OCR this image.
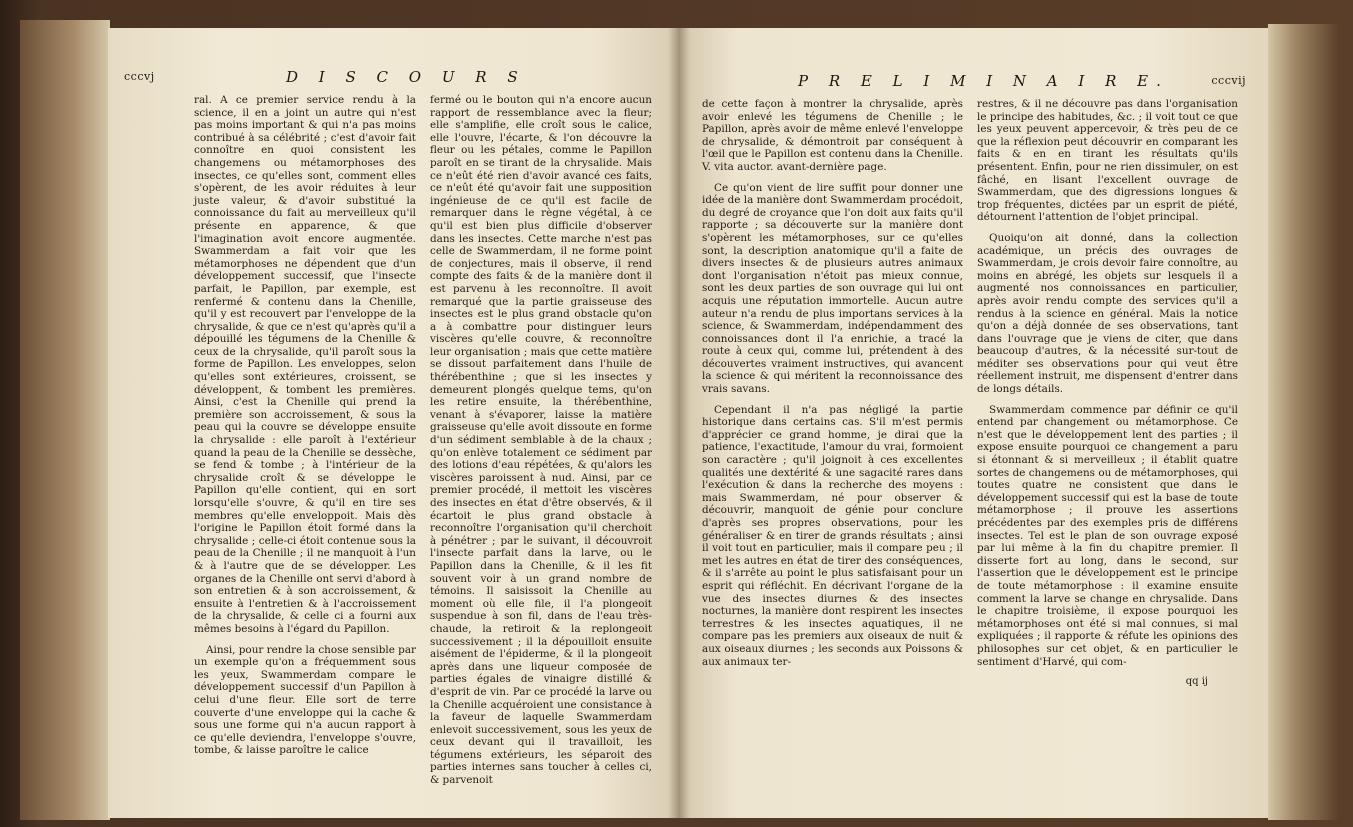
cccvj	D I S C O U R S

ral. A ce premier service rendu à la science, il en a joint un autre qui n'est pas moins important & qui n'a pas moins contribué à sa célébrité ; c'est d'avoir fait connoître en quoi consistent les changemens ou métamorphoses des insectes, ce qu'elles sont, comment elles s'opèrent, de les avoir réduites à leur juste valeur, & d'avoir substitué la connoissance du fait au merveilleux qu'il présente en apparence, & que l'imagination avoit encore augmentée. Swammerdam a fait voir que les métamorphoses ne dépendent que d'un développement successif, que l'insecte parfait, le Papillon, par exemple, est renfermé & contenu dans la Chenille, qu'il y est recouvert par l'enveloppe de la chrysalide, & que ce n'est qu'après qu'il a dépouillé les tégumens de la Chenille & ceux de la chrysalide, qu'il paroît sous la forme de Papillon. Les enveloppes, selon qu'elles sont extérieures, croissent, se développent, & tombent les premières. Ainsi, c'est la Chenille qui prend la première son accroissement, & sous la peau qui la couvre se développe ensuite la chrysalide : elle paroît à l'extérieur quand la peau de la Chenille se dessèche, se fend & tombe ; à l'intérieur de la chrysalide croît & se développe le Papillon qu'elle contient, qui en sort lorsqu'elle s'ouvre, & qu'il en tire ses membres qu'elle enveloppoit. Mais dès l'origine le Papillon étoit formé dans la chrysalide ; celle-ci étoit contenue sous la peau de la Chenille ; il ne manquoit à l'un & à l'autre que de se développer. Les organes de la Chenille ont servi d'abord à son entretien & à son accroissement, & ensuite à l'entretien & à l'accroissement de la chrysalide, & celle ci a fourni aux mêmes besoins à l'égard du Papillon.

Ainsi, pour rendre la chose sensible par un exemple qu'on a fréquemment sous les yeux, Swammerdam compare le développement successif d'un Papillon à celui d'une fleur. Elle sort de terre couverte d'une enveloppe qui la cache & sous une forme qui n'a aucun rapport à ce qu'elle deviendra, l'enveloppe s'ouvre, tombe, & laisse paroître le calice

fermé ou le bouton qui n'a encore aucun rapport de ressemblance avec la fleur; elle s'amplifie, elle croît sous le calice, elle l'ouvre, l'écarte, & l'on découvre la fleur ou les pétales, comme le Papillon paroît en se tirant de la chrysalide. Mais ce n'eût été rien d'avoir avancé ces faits, ce n'eût été qu'avoir fait une supposition ingénieuse de ce qu'il est facile de remarquer dans le règne végétal, à ce qu'il est bien plus difficile d'observer dans les insectes. Cette marche n'est pas celle de Swammerdam, il ne forme point de conjectures, mais il observe, il rend compte des faits & de la manière dont il est parvenu à les reconnoître. Il avoit remarqué que la partie graisseuse des insectes est le plus grand obstacle qu'on a à combattre pour distinguer leurs viscères qu'elle couvre, & reconnoître leur organisation ; mais que cette matière se dissout parfaitement dans l'huile de thérébenthine ; que si les insectes y demeurent plongés quelque tems, qu'on les retire ensuite, la thérébenthine, venant à s'évaporer, laisse la matière graisseuse qu'elle avoit dissoute en forme d'un sédiment semblable à de la chaux ; qu'on enlève totalement ce sédiment par des lotions d'eau répétées, & qu'alors les viscères paroissent à nud. Ainsi, par ce premier procédé, il mettoit les viscères des insectes en état d'être observés, & il écartoit le plus grand obstacle à reconnoître l'organisation qu'il cherchoit à pénétrer ; par le suivant, il découvroit l'insecte parfait dans la larve, ou le Papillon dans la Chenille, & il les fit souvent voir à un grand nombre de témoins. Il saisissoit la Chenille au moment où elle file, il l'a plongeoit suspendue à son fil, dans de l'eau très-chaude, la retiroit & la replongeoit successivement ; il la dépouilloit ensuite aisément de l'épiderme, & il la plongeoit après dans une liqueur composée de parties égales de vinaigre distillé & d'esprit de vin. Par ce procédé la larve ou la Chenille acquéroient une consistance à la faveur de laquelle Swammerdam enlevoit successivement, sous les yeux de ceux devant qui il travailloit, les tégumens extérieurs, les séparoit des parties internes sans toucher à celles ci, & parvenoit

P R E L I M I N A I R E.	cccvij

de cette façon à montrer la chrysalide, après avoir enlevé les tégumens de Chenille ; le Papillon, après avoir de même enlevé l'enveloppe de chrysalide, & démontroit par conséquent à l'œil que le Papillon est contenu dans la Chenille. V. vita auctor. avant-dernière page.

Ce qu'on vient de lire suffit pour donner une idée de la manière dont Swammerdam procédoit, du degré de croyance que l'on doit aux faits qu'il rapporte ; sa découverte sur la manière dont s'opèrent les métamorphoses, sur ce qu'elles sont, la description anatomique qu'il a faite de divers insectes & de plusieurs autres animaux dont l'organisation n'étoit pas mieux connue, sont les deux parties de son ouvrage qui lui ont acquis une réputation immortelle. Aucun autre auteur n'a rendu de plus importans services à la science, & Swammerdam, indépendamment des connoissances dont il l'a enrichie, a tracé la route à ceux qui, comme lui, prétendent à des découvertes vraiment instructives, qui avancent la science & qui méritent la reconnoissance des vrais savans.

Cependant il n'a pas négligé la partie historique dans certains cas. S'il m'est permis d'apprécier ce grand homme, je dirai que la patience, l'exactitude, l'amour du vrai, formoient son caractère ; qu'il joignoit à ces excellentes qualités une dextérité & une sagacité rares dans l'exécution & dans la recherche des moyens : mais Swammerdam, né pour observer & découvrir, manquoit de génie pour conclure d'après ses propres observations, pour les généraliser & en tirer de grands résultats ; ainsi il voit tout en particulier, mais il compare peu ; il met les autres en état de tirer des conséquences, & il s'arrête au point le plus satisfaisant pour un esprit qui réfléchit. En décrivant l'organe de la vue des insectes diurnes & des insectes nocturnes, la manière dont respirent les insectes terrestres & les insectes aquatiques, il ne compare pas les premiers aux oiseaux de nuit & aux oiseaux diurnes ; les seconds aux Poissons & aux animaux ter-

restres, & il ne découvre pas dans l'organisation le principe des habitudes, &c. ; il voit tout ce que les yeux peuvent appercevoir, & très peu de ce que la réflexion peut découvrir en comparant les faits & en en tirant les résultats qu'ils présentent. Enfin, pour ne rien dissimuler, on est fâché, en lisant l'excellent ouvrage de Swammerdam, que des digressions longues & trop fréquentes, dictées par un esprit de piété, détournent l'attention de l'objet principal.

Quoiqu'on ait donné, dans la collection académique, un précis des ouvrages de Swammerdam, je crois devoir faire connoître, au moins en abrégé, les objets sur lesquels il a augmenté nos connoissances en particulier, après avoir rendu compte des services qu'il a rendus à la science en général. Mais la notice qu'on a déjà donnée de ses observations, tant dans l'ouvrage que je viens de citer, que dans beaucoup d'autres, & la nécessité sur-tout de méditer ses observations pour qui veut être réellement instruit, me dispensent d'entrer dans de longs détails.

Swammerdam commence par définir ce qu'il entend par changement ou métamorphose. Ce n'est que le développement lent des parties ; il expose ensuite pourquoi ce changement a paru si étonnant & si merveilleux ; il établit quatre sortes de changemens ou de métamorphoses, qui toutes quatre ne consistent que dans le développement successif qui est la base de toute métamorphose ; il prouve les assertions précédentes par des exemples pris de différens insectes. Tel est le plan de son ouvrage exposé par lui même à la fin du chapitre premier. Il disserte fort au long, dans le second, sur l'assertion que le développement est le principe de toute métamorphose : il examine ensuite comment la larve se change en chrysalide. Dans le chapitre troisième, il expose pourquoi les métamorphoses ont été si mal connues, si mal expliquées ; il rapporte & réfute les opinions des philosophes sur cet objet, & en particulier le sentiment d'Harvé, qui com-

qq ij
